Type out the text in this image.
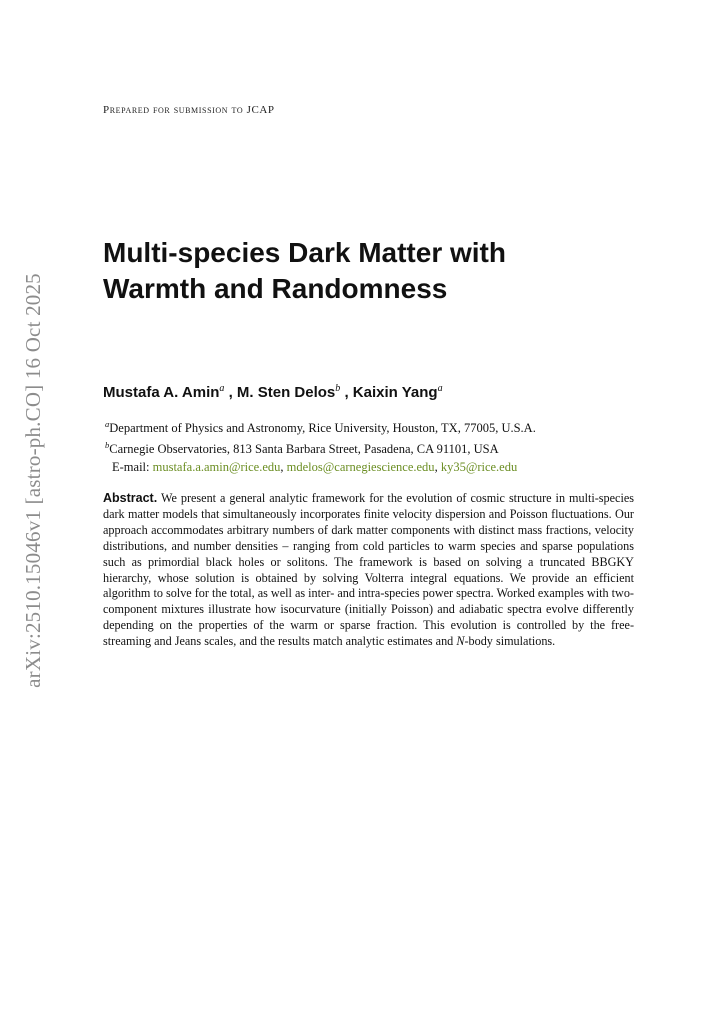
arXiv:2510.15046v1 [astro-ph.CO] 16 Oct 2025
Prepared for submission to JCAP
Multi-species Dark Matter with
Warmth and Randomness
Mustafa A. Amin$^a$ , M. Sten Delos$^b$ , Kaixin Yang$^a$
$^a$Department of Physics and Astronomy, Rice University, Houston, TX, 77005, U.S.A.
$^b$Carnegie Observatories, 813 Santa Barbara Street, Pasadena, CA 91101, USA
E-mail: mustafa.a.amin@rice.edu, mdelos@carnegiescience.edu, ky35@rice.edu

Abstract. We present a general analytic framework for the evolution of cosmic structure in multi-species dark matter models that simultaneously incorporates finite velocity dispersion and Poisson fluctuations. Our approach accommodates arbitrary numbers of dark matter components with distinct mass fractions, velocity distributions, and number densities – ranging from cold particles to warm species and sparse populations such as primordial black holes or solitons. The framework is based on solving a truncated BBGKY hierarchy, whose solution is obtained by solving Volterra integral equations. We provide an efficient algorithm to solve for the total, as well as inter- and intra-species power spectra. Worked examples with two-component mixtures illustrate how isocurvature (initially Poisson) and adiabatic spectra evolve differently depending on the properties of the warm or sparse fraction. This evolution is controlled by the free-streaming and Jeans scales, and the results match analytic estimates and N-body simulations.
